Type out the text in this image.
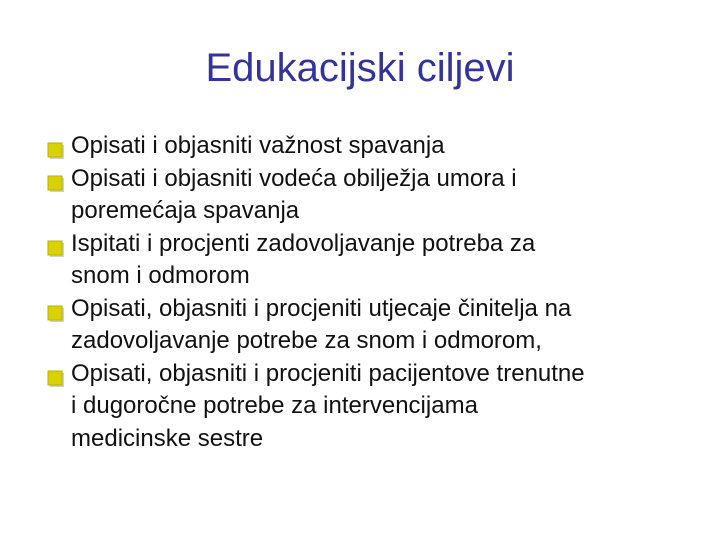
Edukacijski ciljevi
Opisati i objasniti važnost spavanja
Opisati i objasniti vodeća obilježja umora i
poremećaja spavanja
Ispitati i procjenti zadovoljavanje potreba za
snom i odmorom
Opisati, objasniti i procjeniti utjecaje činitelja na
zadovoljavanje potrebe za snom i odmorom,
Opisati, objasniti i procjeniti pacijentove trenutne
i dugoročne potrebe za intervencijama
medicinske sestre
